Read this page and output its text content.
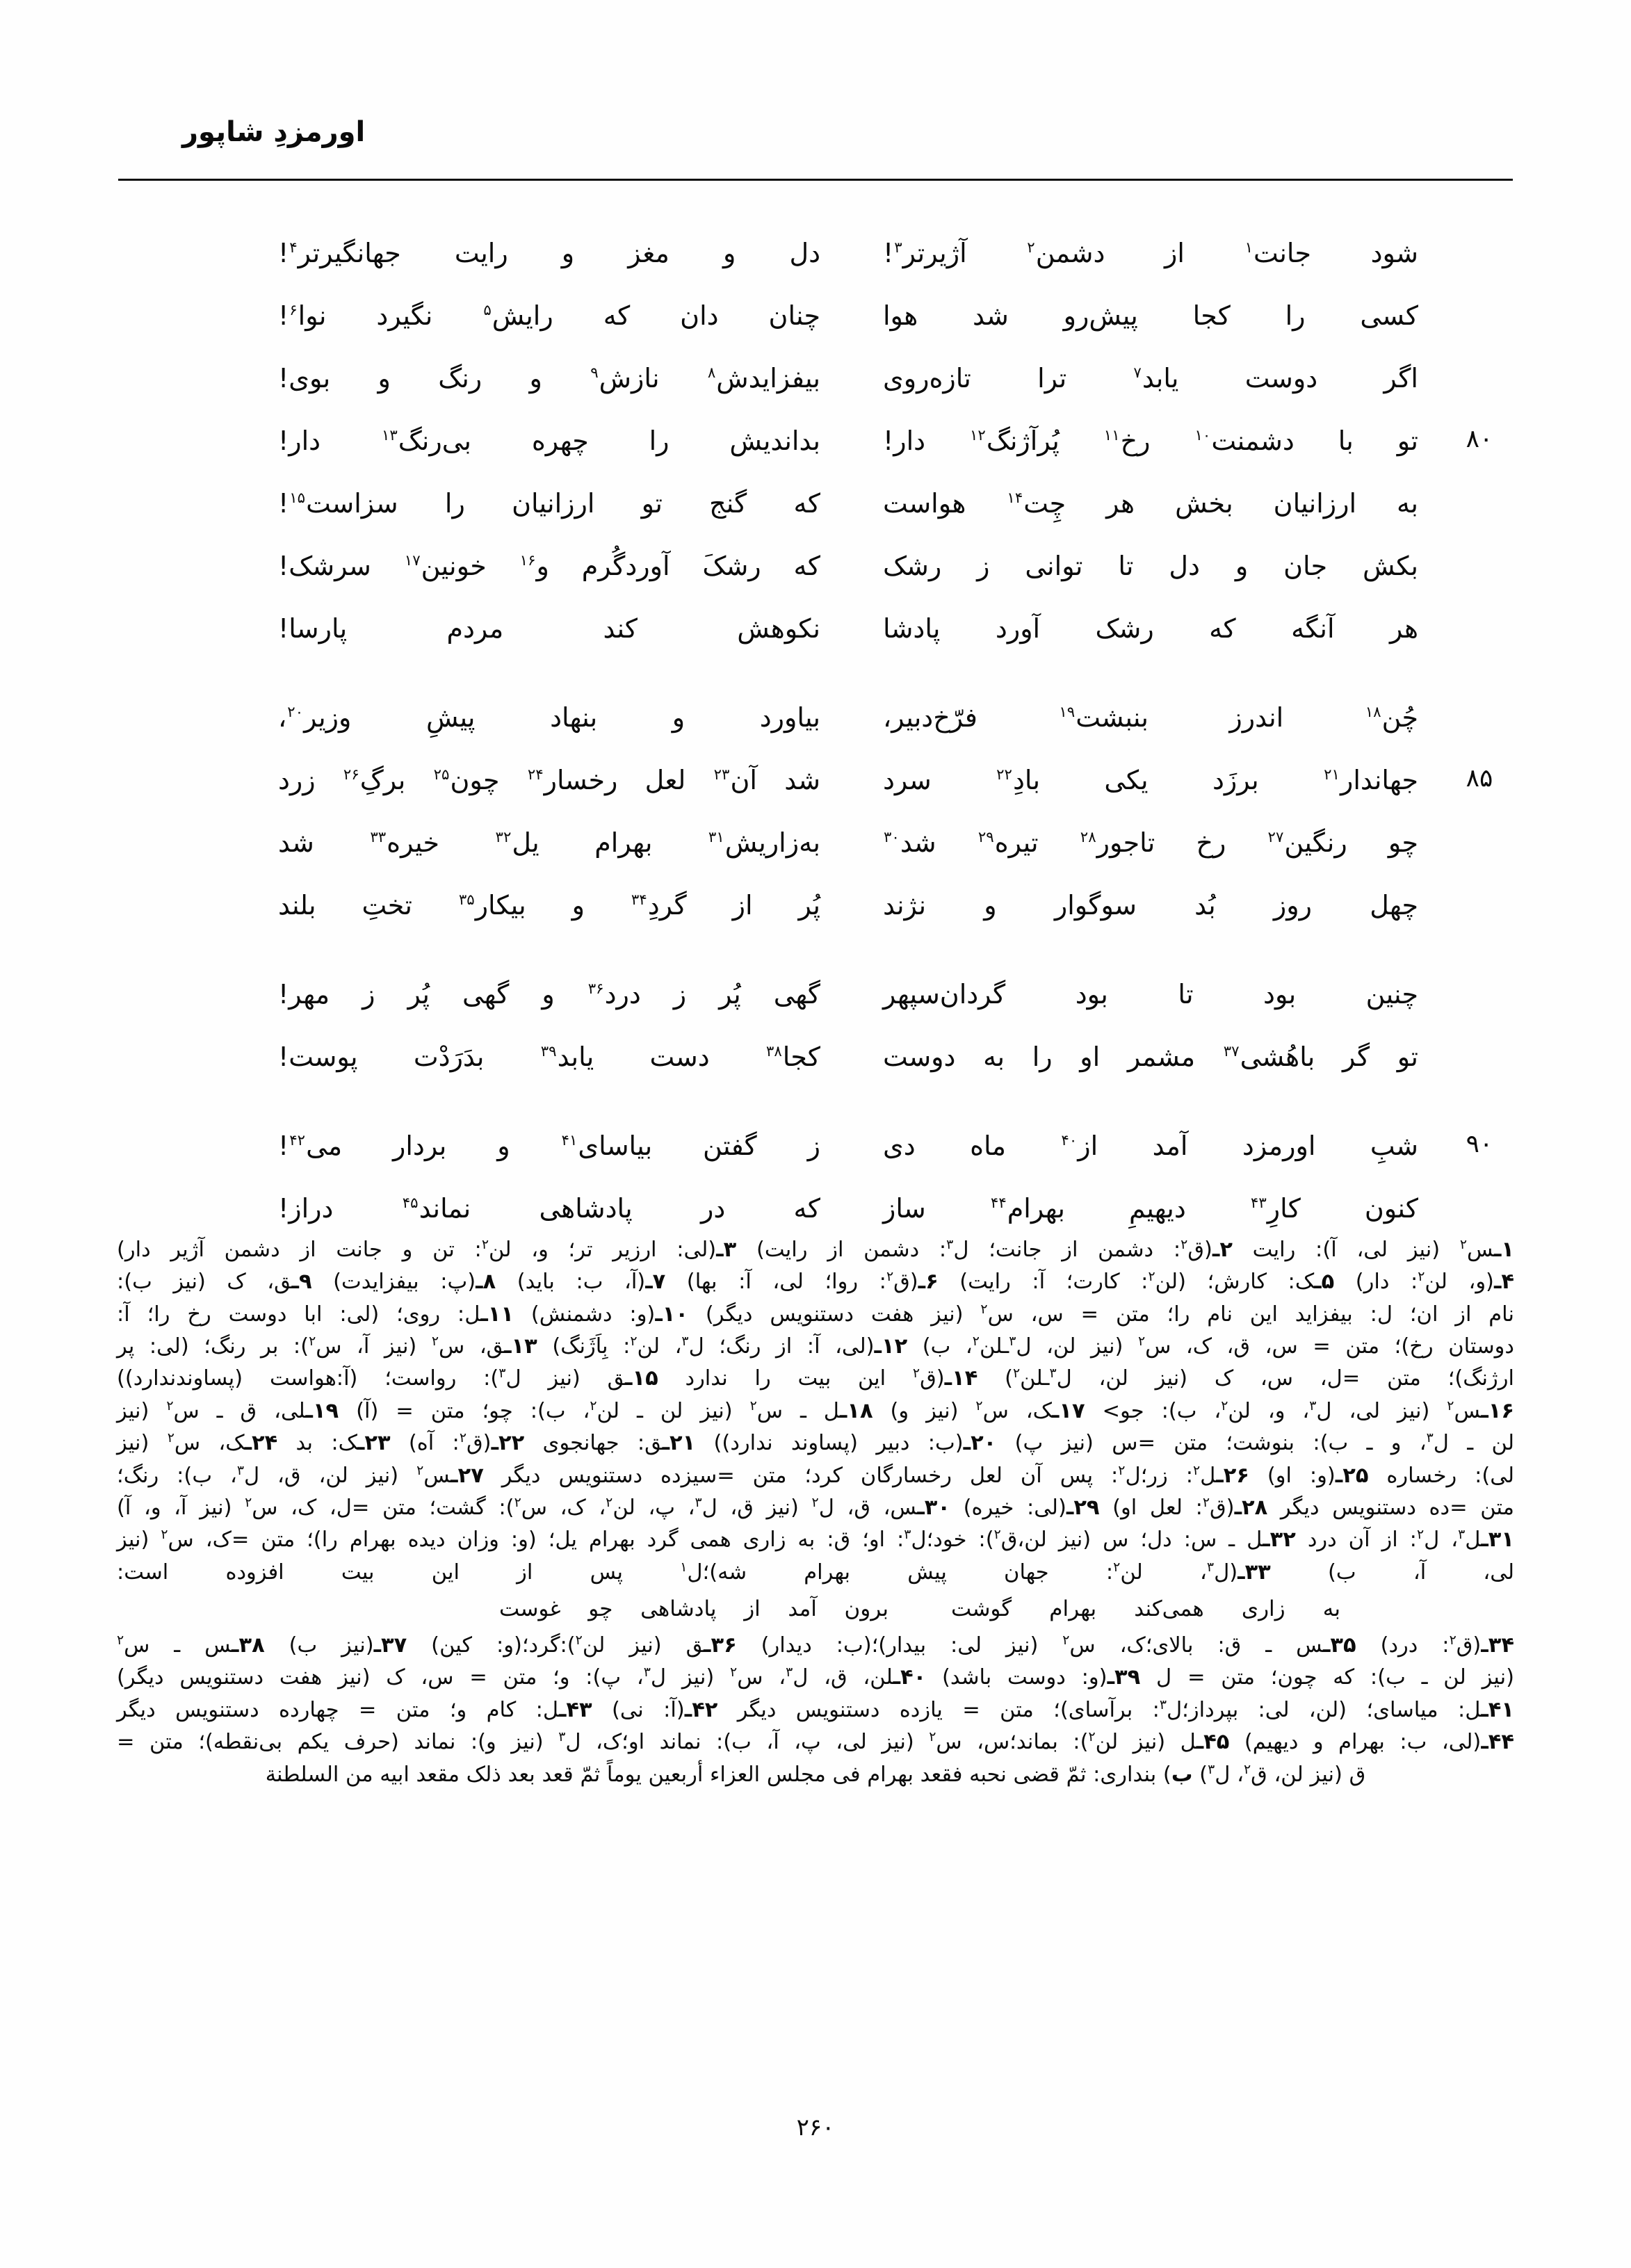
اورمزدِ شاپور
شود جانت$^۱$ از دشمن$^۲$ آژیرتر$^۳$!
دل و مغز و رایت جهانگیرتر$^۴$!
کسی را کجا پیش‌رو شد هوا
چنان دان که رایش$^۵$ نگیرد نوا$^۶$!
اگر دوست یابد$^۷$ ترا تازه‌روی
بیفزایدش$^۸$ نازش$^۹$ و رنگ و بوی!
۸۰
تو با دشمنت$^{۱۰}$ رخ$^{۱۱}$ پُرآژنگ$^{۱۲}$ دار!
بداندیش را چهره بی‌رنگ$^{۱۳}$ دار!
به ارزانیان بخش هر چِت$^{۱۴}$ هواست
که گنج تو ارزانیان را سزاست$^{۱۵}$!
بکش جان و دل تا توانی ز رشک
که رشکَ آوردگُرم و$^{۱۶}$ خونین$^{۱۷}$ سرشک!
هر آنگه که رشک آورد پادشا
نکوهش کند مردم پارسا!
چُن$^{۱۸}$ اندرز بنبشت$^{۱۹}$ فرّخ‌دبیر،
بیاورد و بنهاد پیشِ وزیر$^{۲۰}$،
۸۵
جهاندار$^{۲۱}$ برزَد یکی بادِ$^{۲۲}$ سرد
شد آن$^{۲۳}$ لعل رخسار$^{۲۴}$ چون$^{۲۵}$ برگِ$^{۲۶}$ زرد
چو رنگین$^{۲۷}$ رخ تاجور$^{۲۸}$ تیره$^{۲۹}$ شد$^{۳۰}$
به‌زاریش$^{۳۱}$ بهرام یل$^{۳۲}$ خیره$^{۳۳}$ شد
چهل روز بُد سوگوار و نژند
پُر از گردِ$^{۳۴}$ و بیکار$^{۳۵}$ تختِ بلند
چنین بود تا بود گردان‌سپهر
گهی پُر ز درد$^{۳۶}$ و گهی پُر ز مهر!
تو گر باهُشی$^{۳۷}$ مشمر او را به دوست
کجا$^{۳۸}$ دست یابد$^{۳۹}$ بدَرَدْت پوست!
۹۰
شبِ اورمزد آمد از$^{۴۰}$ ماه دی
ز گفتن بیاسای$^{۴۱}$ و بردار می$^{۴۲}$!
کنون کارِ$^{۴۳}$ دیهیمِ بهرام$^{۴۴}$ ساز
که در پادشاهی نماند$^{۴۵}$ دراز!

۱ـس$^۲$ (نیز لی، آ): رایت ۲ـ(ق$^۲$: دشمن از جانت؛ ل$^۳$: دشمن از رایت) ۳ـ(لی: ارزیر تر؛ و، لن$^۲$: تن و جانت از دشمن آژیر دار)

۴ـ(و، لن$^۲$: دار) ۵ـک: کارش؛ (لن$^۲$: کارت؛ آ: رایت) ۶ـ(ق$^۲$: روا؛ لی، آ: بها) ۷ـ(آ، ب: باید) ۸ـ(پ: بیفزایدت) ۹ـق، ک (نیز ب):

نام از ان؛ ل: بیفزاید این نام را؛ متن = س، س$^۲$ (نیز هفت دستنویس دیگر) ۱۰ـ(و: دشمنش) ۱۱ـل: روی؛ (لی: ابا دوست رخ را؛ آ:

دوستان رخ)؛ متن = س، ق، ک، س$^۲$ (نیز لن، ل$^۳$ـلن$^۲$، ب) ۱۲ـ(لی، آ: از رنگ؛ ل$^۳$، لن$^۲$: بِاَژَنگ) ۱۳ـق، س$^۲$ (نیز آ، س$^۲$): بر رنگ؛ (لی: پر

ارژنگ)؛ متن =ل، س، ک (نیز لن، ل$^۳$ـلن$^۲$) ۱۴ـ(ق$^۲$ این بیت را ندارد ۱۵ـق (نیز ل$^۳$): رواست؛ (آ:هواست (پساوندندارد))

۱۶ـس$^۲$ (نیز لی، ل$^۳$، و، لن$^۲$، ب): جو> ۱۷ـک، س$^۲$ (نیز و) ۱۸ـل ـ س$^۲$ (نیز لن ـ لن$^۲$، ب): چو؛ متن = (آ) ۱۹ـلی، ق ـ س$^۲$ (نیز

لن ـ ل$^۳$، و ـ ب): بنوشت؛ متن =س (نیز پ) ۲۰ـ(ب: دبیر (پساوند ندارد)) ۲۱ـق: جهانجوی ۲۲ـ(ق$^۲$: آه) ۲۳ـک: بد ۲۴ـک، س$^۲$ (نیز

لی): رخساره ۲۵ـ(و: او) ۲۶ـل$^۲$: زر؛ل$^۲$: پس آن لعل رخسارگان کرد؛ متن =سیزده دستنویس دیگر ۲۷ـس$^۲$ (نیز لن، ق، ل$^۳$، ب): رنگ؛

متن =ده دستنویس دیگر ۲۸ـ(ق$^۲$: لعل او) ۲۹ـ(لی: خیره) ۳۰ـس، ق، ل$^۲$ (نیز ق، ل$^۳$، پ، لن$^۲$، ک، س$^۲$): گشت؛ متن =ل، ک، س$^۲$ (نیز آ، و، آ)

۳۱ـل$^۳$، ل$^۲$: از آن درد ۳۲ـل ـ س: دل؛ س (نیز لن،ق$^۲$): خود؛ل$^۳$: او؛ ق: به زاری همی گرد بهرام یل؛ (و: وزان دیده بهرام را)؛ متن =ک، س$^۲$ (نیز

لی، آ، ب) ۳۳ـ(ل$^۳$، لن$^۲$: جهان پیش بهرام شه)؛ل$^۱$ پس از این بیت افزوده است:

به زاری همی‌کند بهرام گوشت
برون آمد از پادشاهی چو غوست

۳۴ـ(ق$^۲$: درد) ۳۵ـس ـ ق: بالای؛ک، س$^۲$ (نیز لی: بیدار)؛(ب: دیدار) ۳۶ـق (نیز لن$^۲$):گرد؛(و: کین) ۳۷ـ(نیز ب) ۳۸ـس ـ س$^۲$

(نیز لن ـ ب): که چون؛ متن = ل ۳۹ـ(و: دوست باشد) ۴۰ـلن، ق، ل$^۳$، س$^۲$ (نیز ل$^۳$، پ): و؛ متن = س، ک (نیز هفت دستنویس دیگر)

۴۱ـل: میاسای؛ (لن، لی: بپرداز؛ل$^۳$: برآسای)؛ متن = یازده دستنویس دیگر ۴۲ـ(آ: نی) ۴۳ـل: کام و؛ متن = چهارده دستنویس دیگر

۴۴ـ(لی، ب: بهرام و دیهیم) ۴۵ـل (نیز لن$^۲$): بماند؛س، س$^۲$ (نیز لی، پ، آ، ب): نماند او؛ک، ل$^۳$ (نیز و): نماند (حرف یکم بی‌نقطه)؛ متن =

ق (نیز لن، ق$^۲$، ل$^۳$) ب) بنداری: ثمّ قضی نحبه فقعد بهرام فی مجلس العزاء أربعین یوماً ثمّ قعد بعد ذلک مقعد ابیه من السلطنة

۲۶۰
